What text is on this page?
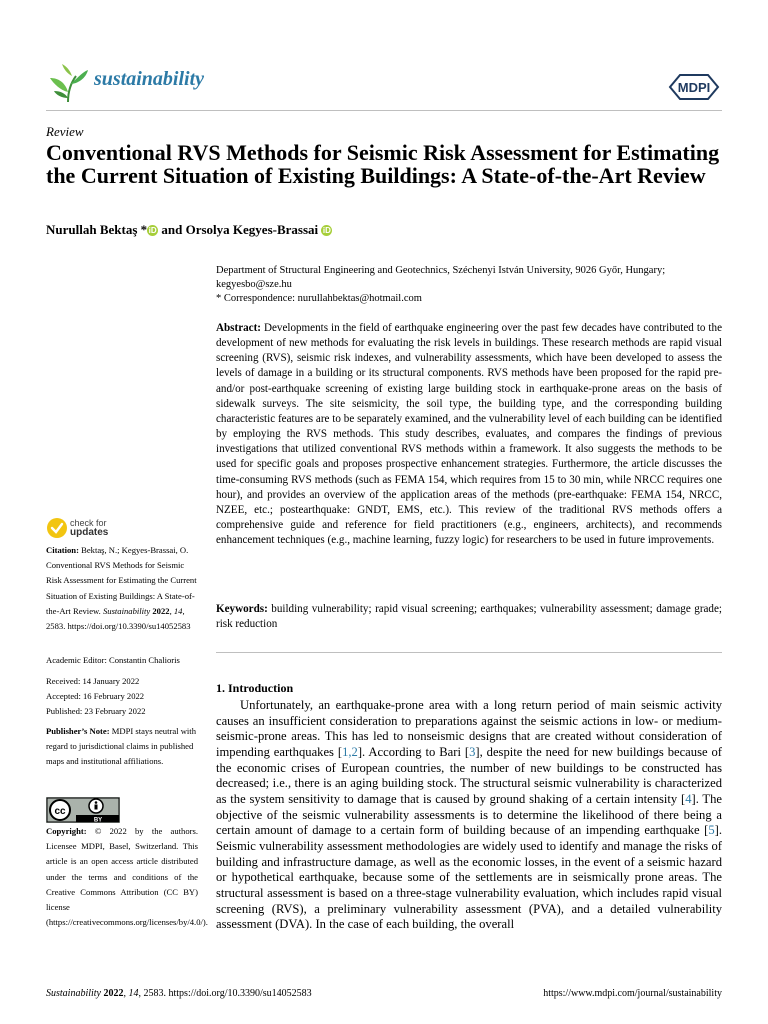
sustainability	MDPI
Review
Conventional RVS Methods for Seismic Risk Assessment for Estimating the Current Situation of Existing Buildings: A State-of-the-Art Review
Nurullah Bektaş * iD and Orsolya Kegyes-Brassai iD
Department of Structural Engineering and Geotechnics, Széchenyi István University, 9026 Győr, Hungary;
kegyesbo@sze.hu
* Correspondence: nurullahbektas@hotmail.com

Abstract: Developments in the field of earthquake engineering over the past few decades have contributed to the development of new methods for evaluating the risk levels in buildings. These research methods are rapid visual screening (RVS), seismic risk indexes, and vulnerability assessments, which have been developed to assess the levels of damage in a building or its structural components. RVS methods have been proposed for the rapid pre- and/or post-earthquake screening of existing large building stock in earthquake-prone areas on the basis of sidewalk surveys. The site seismicity, the soil type, the building type, and the corresponding building characteristic features are to be separately examined, and the vulnerability level of each building can be identified by employing the RVS methods. This study describes, evaluates, and compares the findings of previous investigations that utilized conventional RVS methods within a framework. It also suggests the methods to be used for specific goals and proposes prospective enhancement strategies. Furthermore, the article discusses the time-consuming RVS methods (such as FEMA 154, which requires from 15 to 30 min, while NRCC requires one hour), and provides an overview of the application areas of the methods (pre-earthquake: FEMA 154, NRCC, NZEE, etc.; postearthquake: GNDT, EMS, etc.). This review of the traditional RVS methods offers a comprehensive guide and reference for field practitioners (e.g., engineers, architects), and recommends enhancement techniques (e.g., machine learning, fuzzy logic) for researchers to be used in future improvements.

Keywords: building vulnerability; rapid visual screening; earthquakes; vulnerability assessment; damage grade; risk reduction

1. Introduction

Unfortunately, an earthquake-prone area with a long return period of main seismic activity causes an insufficient consideration to preparations against the seismic actions in low- or medium-seismic-prone areas. This has led to nonseismic designs that are created without consideration of impending earthquakes [1,2]. According to Bari [3], despite the need for new buildings because of the economic crises of European countries, the number of new buildings to be constructed has decreased; i.e., there is an aging building stock. The structural seismic vulnerability is characterized as the system sensitivity to damage that is caused by ground shaking of a certain intensity [4]. The objective of the seismic vulnerability assessments is to determine the likelihood of there being a certain amount of damage to a certain form of building because of an impending earthquake [5]. Seismic vulnerability assessment methodologies are widely used to identify and manage the risks of building and infrastructure damage, as well as the economic losses, in the event of a seismic hazard or hypothetical earthquake, because some of the settlements are in seismically prone areas. The structural assessment is based on a three-stage vulnerability evaluation, which includes rapid visual screening (RVS), a preliminary vulnerability assessment (PVA), and a detailed vulnerability assessment (DVA). In the case of each building, the overall

check for
updates
Citation: Bektaş, N.; Kegyes-Brassai, O. Conventional RVS Methods for Seismic Risk Assessment for Estimating the Current Situation of Existing Buildings: A State-of-the-Art Review. Sustainability 2022, 14, 2583. https://doi.org/10.3390/su14052583
Academic Editor: Constantin Chalioris
Received: 14 January 2022
Accepted: 16 February 2022
Published: 23 February 2022
Publisher’s Note: MDPI stays neutral with regard to jurisdictional claims in published maps and institutional affiliations.
cc
BY
Copyright: © 2022 by the authors. Licensee MDPI, Basel, Switzerland. This article is an open access article distributed under the terms and conditions of the Creative Commons Attribution (CC BY) license (https://creativecommons.org/licenses/by/4.0/).
Sustainability 2022, 14, 2583. https://doi.org/10.3390/su14052583	https://www.mdpi.com/journal/sustainability
